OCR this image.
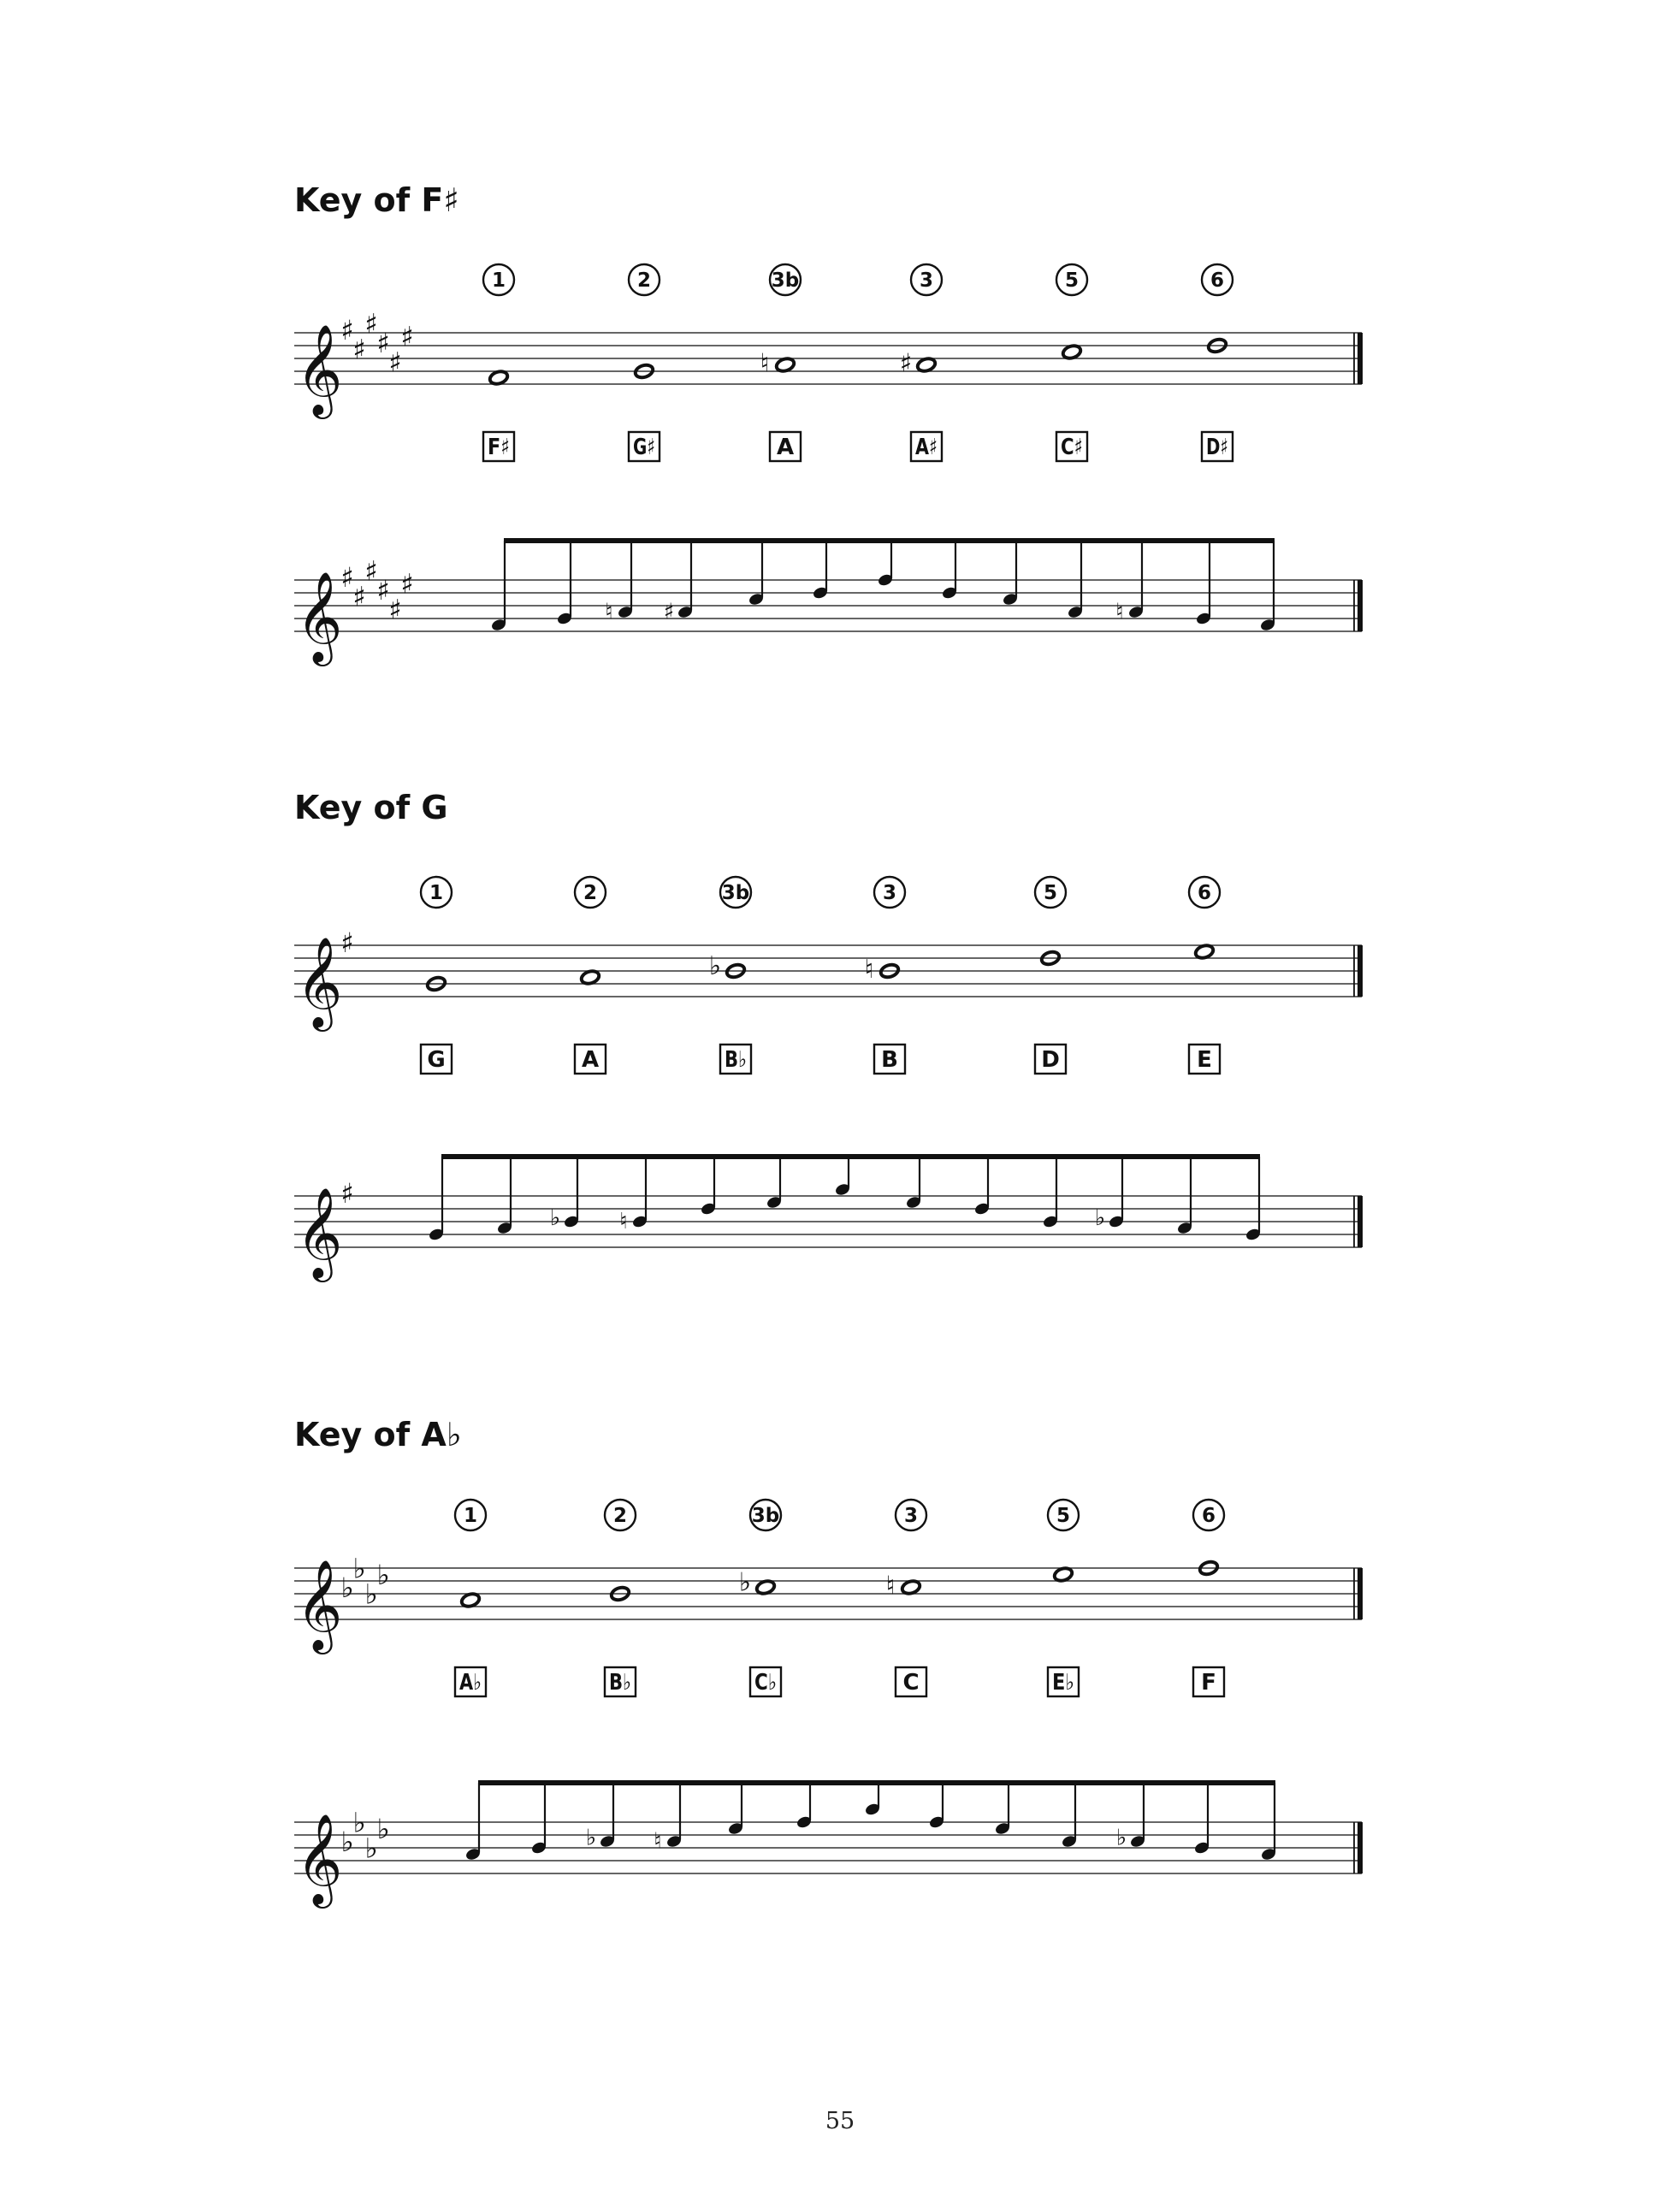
Key of F♯
𝄞
♯
♯
♯
♯
♯
♯
1
F♯
2
G♯
♮
3b
A
♯
3
A♯
5
C♯
6
D♯
𝄞
♯
♯
♯
♯
♯
♯
♮ ♯	♮
Key of G
𝄞
♯
1
G
2
A
♭
3b
B♭
♮
3
B
5
D
6
E
𝄞
♯
♭	♮	♭
Key of A♭
𝄞
♭
♭
♭
♭
1
A♭
2
B♭
♭
3b
C♭
♮
3
C
5
E♭
6
F
𝄞
♭
♭
♭
♭	♭	♮	♭
55
